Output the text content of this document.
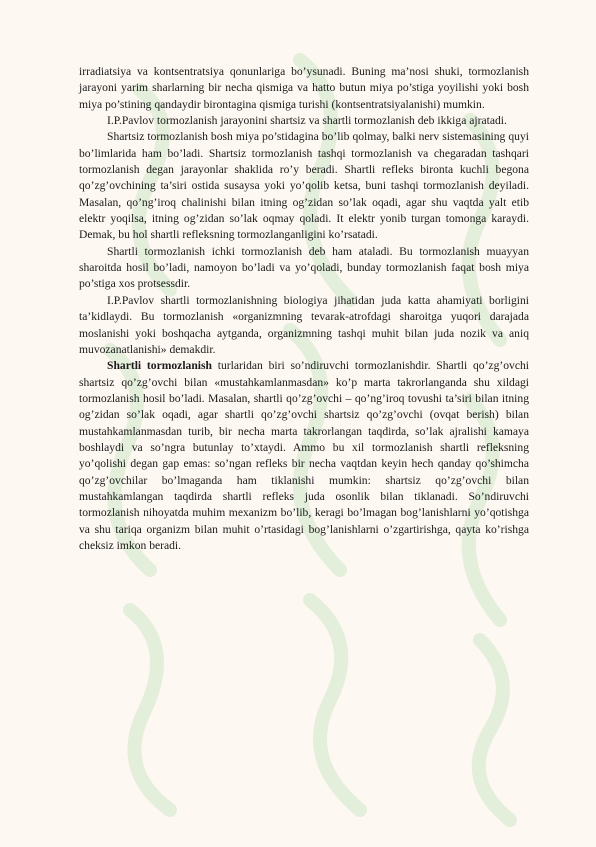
irradiatsiya va kontsentratsiya qonunlariga bo’ysunadi. Buning ma’nosi shuki, tormozlanish jarayoni yarim sharlarning bir necha qismiga va hatto butun miya po’stiga yoyilishi yoki bosh miya po’stining qandaydir birontagina qismiga turishi (kontsentratsiyalanishi) mumkin.

I.P.Pavlov tormozlanish jarayonini shartsiz va shartli tormozlanish deb ikkiga ajratadi.

Shartsiz tormozlanish bosh miya po’stidagina bo’lib qolmay, balki nerv sistemasining quyi bo’limlarida ham bo’ladi. Shartsiz tormozlanish tashqi tormozlanish va chegaradan tashqari tormozlanish degan jarayonlar shaklida ro’y beradi. Shartli refleks bironta kuchli begona qo’zg’ovchining ta’siri ostida susaysa yoki yo’qolib ketsa, buni tashqi tormozlanish deyiladi. Masalan, qo’ng’iroq chalinishi bilan itning og’zidan so’lak oqadi, agar shu vaqtda yalt etib elektr yoqilsa, itning og’zidan so’lak oqmay qoladi. It elektr yonib turgan tomonga karaydi. Demak, bu hol shartli refleksning tormozlanganligini ko’rsatadi.

Shartli tormozlanish ichki tormozlanish deb ham ataladi. Bu tormozlanish muayyan sharoitda hosil bo’ladi, namoyon bo’ladi va yo’qoladi, bunday tormozlanish faqat bosh miya po’stiga xos protsessdir.

I.P.Pavlov shartli tormozlanishning biologiya jihatidan juda katta ahamiyati borligini ta’kidlaydi. Bu tormozlanish «organizmning tevarak-atrofdagi sharoitga yuqori darajada moslanishi yoki boshqacha aytganda, organizmning tashqi muhit bilan juda nozik va aniq muvozanatlanishi» demakdir.

Shartli tormozlanish turlaridan biri so’ndiruvchi tormozlanishdir. Shartli qo’zg’ovchi shartsiz qo’zg’ovchi bilan «mustahkamlanmasdan» ko’p marta takrorlanganda shu xildagi tormozlanish hosil bo’ladi. Masalan, shartli qo’zg’ovchi – qo’ng’iroq tovushi ta’siri bilan itning og’zidan so’lak oqadi, agar shartli qo’zg’ovchi shartsiz qo’zg’ovchi (ovqat berish) bilan mustahkamlanmasdan turib, bir necha marta takrorlangan taqdirda, so’lak ajralishi kamaya boshlaydi va so’ngra butunlay to’xtaydi. Ammo bu xil tormozlanish shartli refleksning yo’qolishi degan gap emas: so’ngan refleks bir necha vaqtdan keyin hech qanday qo’shimcha qo’zg’ovchilar bo’lmaganda ham tiklanishi mumkin: shartsiz qo’zg’ovchi bilan mustahkamlangan taqdirda shartli refleks juda osonlik bilan tiklanadi. So’ndiruvchi tormozlanish nihoyatda muhim mexanizm bo’lib, keragi bo’lmagan bog’lanishlarni yo’qotishga va shu tariqa organizm bilan muhit o’rtasidagi bog’lanishlarni o’zgartirishga, qayta ko’rishga cheksiz imkon beradi.
